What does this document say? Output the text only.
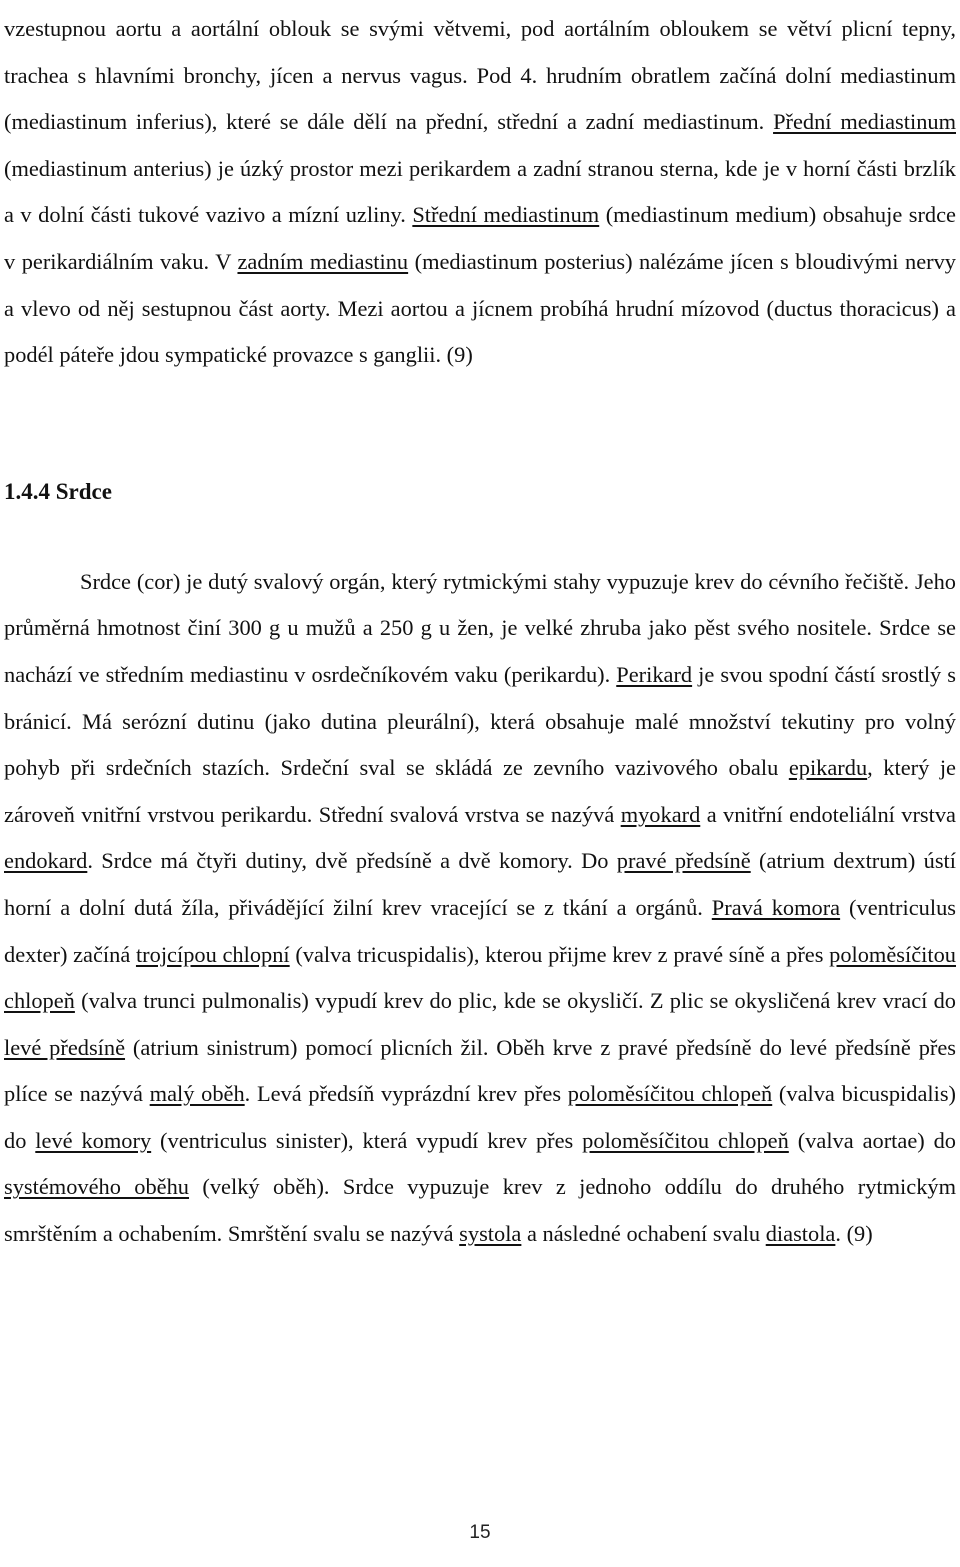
vzestupnou aortu a aortální oblouk se svými větvemi, pod aortálním obloukem se větví plicní tepny, trachea s hlavními bronchy, jícen a nervus vagus. Pod 4. hrudním obratlem začíná dolní mediastinum (mediastinum inferius), které se dále dělí na přední, střední a zadní mediastinum. Přední mediastinum (mediastinum anterius) je úzký prostor mezi perikardem a zadní stranou sterna, kde je v horní části brzlík a v dolní části tukové vazivo a mízní uzliny. Střední mediastinum (mediastinum medium) obsahuje srdce v perikardiálním vaku. V zadním mediastinu (mediastinum posterius) nalézáme jícen s bloudivými nervy a vlevo od něj sestupnou část aorty. Mezi aortou a jícnem probíhá hrudní mízovod (ductus thoracicus) a podél páteře jdou sympatické provazce s ganglii. (9)

1.4.4 Srdce

Srdce (cor) je dutý svalový orgán, který rytmickými stahy vypuzuje krev do cévního řečiště. Jeho průměrná hmotnost činí 300 g u mužů a 250 g u žen, je velké zhruba jako pěst svého nositele. Srdce se nachází ve středním mediastinu v osrdečníkovém vaku (perikardu). Perikard je svou spodní částí srostlý s bránicí. Má serózní dutinu (jako dutina pleurální), která obsahuje malé množství tekutiny pro volný pohyb při srdečních stazích. Srdeční sval se skládá ze zevního vazivového obalu epikardu, který je zároveň vnitřní vrstvou perikardu. Střední svalová vrstva se nazývá myokard a vnitřní endoteliální vrstva endokard. Srdce má čtyři dutiny, dvě předsíně a dvě komory. Do pravé předsíně (atrium dextrum) ústí horní a dolní dutá žíla, přivádějící žilní krev vracející se z tkání a orgánů. Pravá komora (ventriculus dexter) začíná trojcípou chlopní (valva tricuspidalis), kterou přijme krev z pravé síně a přes poloměsíčitou chlopeň (valva trunci pulmonalis) vypudí krev do plic, kde se okysličí. Z plic se okysličená krev vrací do levé předsíně (atrium sinistrum) pomocí plicních žil. Oběh krve z pravé předsíně do levé předsíně přes plíce se nazývá malý oběh. Levá předsíň vyprázdní krev přes poloměsíčitou chlopeň (valva bicuspidalis) do levé komory (ventriculus sinister), která vypudí krev přes poloměsíčitou chlopeň (valva aortae) do systémového oběhu (velký oběh). Srdce vypuzuje krev z jednoho oddílu do druhého rytmickým smrštěním a ochabením. Smrštění svalu se nazývá systola a následné ochabení svalu diastola. (9)

15
